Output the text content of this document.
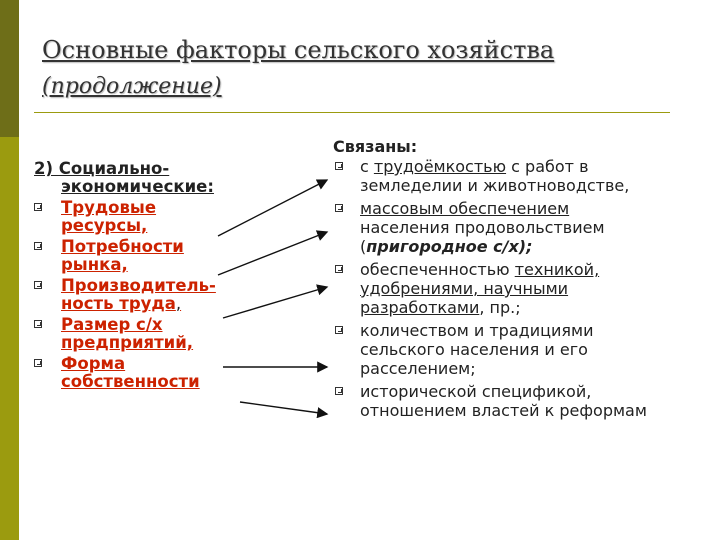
Основные факторы сельского хозяйства
(продолжение)
2) Социально-
экономические:
Трудовые
ресурсы,
Потребности
рынка,
Производитель-
ность труда,
Размер с/х
предприятий,
Форма
собственности
Связаны:
с трудоёмкостью с работ в
земледелии и животноводстве,
массовым обеспечением
населения продовольствием
(пригородное с/х);
обеспеченностью техникой,
удобрениями, научными
разработками, пр.;
количеством и традициями
сельского населения и его
расселением;
исторической спецификой,
отношением властей к реформам
